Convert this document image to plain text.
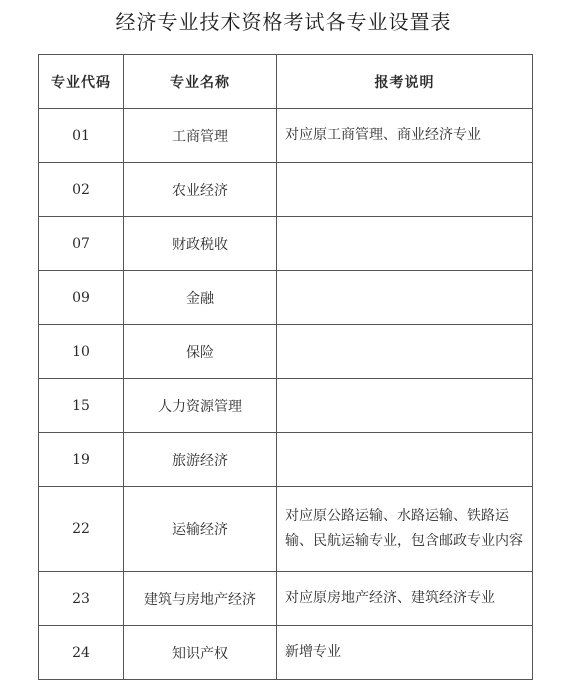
经济专业技术资格考试各专业设置表
专业代码	专业名称	报考说明
01	工商管理	对应原工商管理、商业经济专业
02	农业经济	
07	财政税收	
09	金融	
10	保险	
15	人力资源管理	
19	旅游经济	
22	运输经济	对应原公路运输、水路运输、铁路运输、民航运输专业，包含邮政专业内容
23	建筑与房地产经济	对应原房地产经济、建筑经济专业
24	知识产权	新增专业
